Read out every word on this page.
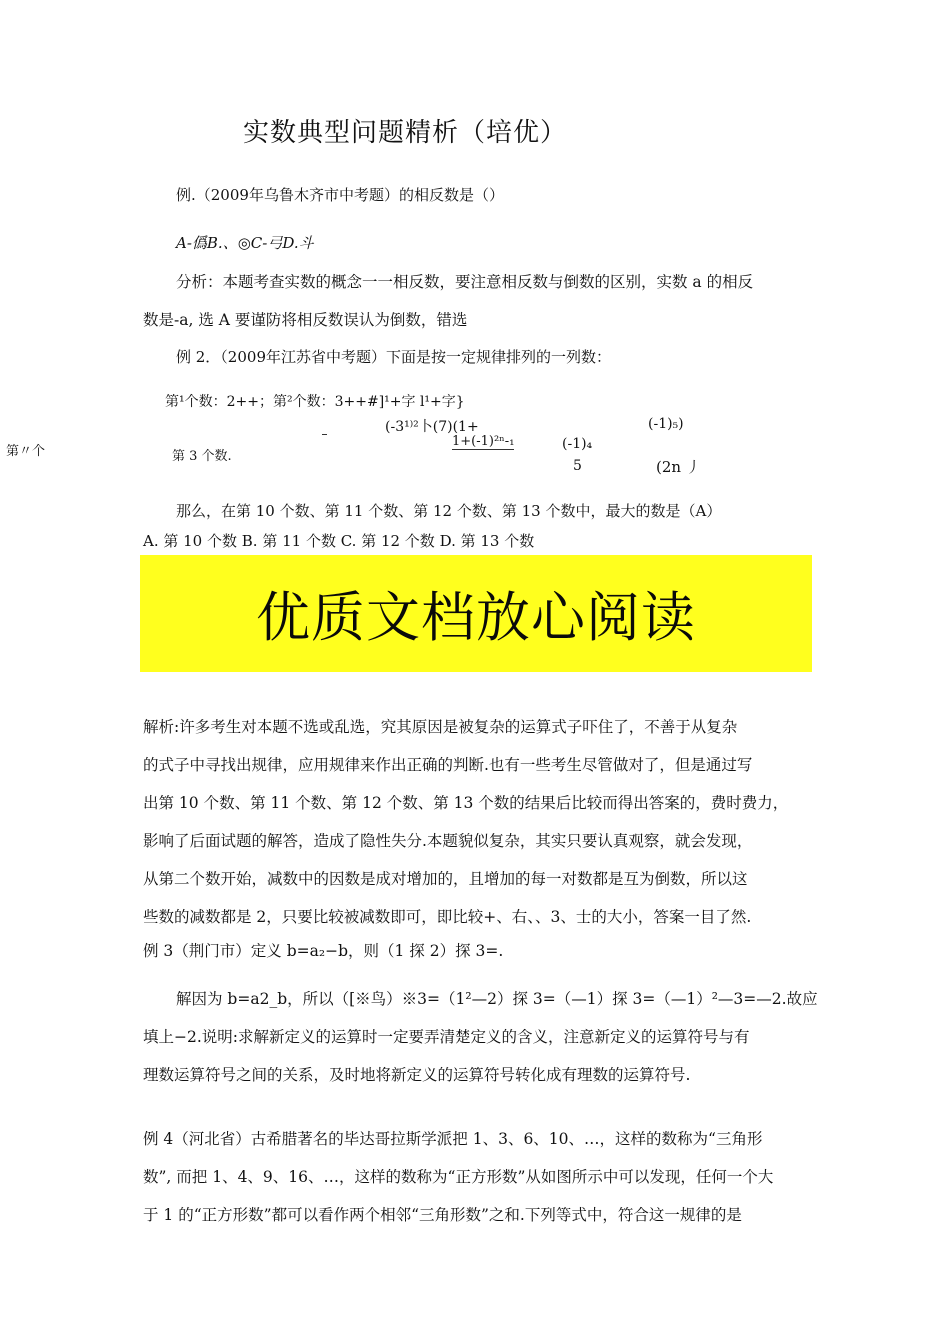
实数典型问题精析（培优）
例.（2009年乌鲁木齐市中考题）的相反数是（）
A-僞B.、◎C-弓D.斗
分析：本题考查实数的概念一一相反数，要注意相反数与倒数的区别，实数 a 的相反
数是-a, 选 A 要谨防将相反数误认为倒数，错选
例 2．（2009年江苏省中考题）下面是按一定规律排列的一列数：
第¹个数：2++；第²个数：3++#]¹+字 l¹+字}
(-3¹⁾²卜(7)(1+	(-1)₅)
1+(-1)²ⁿ-₁	(-1)₄
第〃个	第 3 个数.
5	(2n 丿
那么，在第 10 个数、第 11 个数、第 12 个数、第 13 个数中，最大的数是（A）
A. 第 10 个数 B. 第 11 个数 C. 第 12 个数 D. 第 13 个数
优质文档放心阅读
解析:许多考生对本题不选或乱选，究其原因是被复杂的运算式子吓住了，不善于从复杂
的式子中寻找出规律，应用规律来作出正确的判断.也有一些考生尽管做对了，但是通过写
出第 10 个数、第 11 个数、第 12 个数、第 13 个数的结果后比较而得出答案的，费时费力，
影响了后面试题的解答，造成了隐性失分.本题貌似复杂，其实只要认真观察，就会发现，
从第二个数开始，减数中的因数是成对增加的，且增加的每一对数都是互为倒数，所以这
些数的减数都是 2，只要比较被减数即可，即比较+、右、、3、士的大小，答案一目了然.
例 3（荆门市）定义 b=a₂−b，则（1 探 2）探 3=.
解因为 b=a2_b，所以（[※鸟）※3=（1²—2）探 3=（—1）探 3=（—1）²—3=—2.故应
填上−2.说明:求解新定义的运算时一定要弄清楚定义的含义，注意新定义的运算符号与有
理数运算符号之间的关系，及时地将新定义的运算符号转化成有理数的运算符号.
例 4（河北省）古希腊著名的毕达哥拉斯学派把 1、3、6、10、…，这样的数称为“三角形
数”, 而把 1、4、9、16、…，这样的数称为“正方形数”从如图所示中可以发现，任何一个大
于 1 的“正方形数”都可以看作两个相邻“三角形数”之和.下列等式中，符合这一规律的是
